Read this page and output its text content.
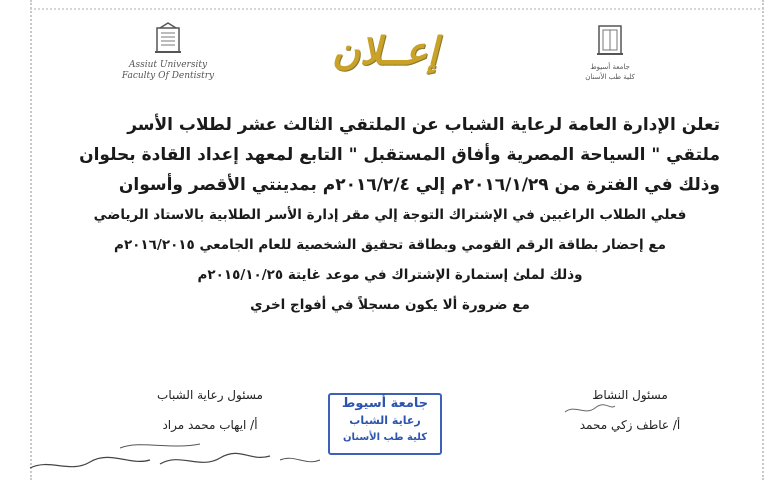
Assiut University
Faculty Of Dentistry
إعــلان	جامعة أسيوط
كلية طب الأسنان
تعلن الإدارة العامة لرعاية الشباب عن الملتقي الثالث عشر لطلاب الأسر
ملتقي " السياحة المصرية وأفاق المستقبل " التابع لمعهد إعداد القادة بحلوان
وذلك في الفترة من ٢٠١٦/١/٢٩م إلي ٢٠١٦/٢/٤م بمدينتي الأقصر وأسوان
فعلي الطلاب الراغبين في الإشتراك التوجة إلي مقر إدارة الأسر الطلابية بالاستاد الرياضي
مع إحضار بطاقة الرقم القومي وبطاقة تحقيق الشخصية للعام الجامعي ٢٠١٦/٢٠١٥م
وذلك لملئ إستمارة الإشتراك في موعد غايتة ٢٠١٥/١٠/٢٥م
مع ضرورة ألا يكون مسجلاً في أفواج اخري
مسئول النشاط
أ/ عاطف زكي محمد
مسئول رعاية الشباب
أ/ ايهاب محمد مراد
جامعة أسيوط
رعاية الشباب
كلية طب الأسنان
